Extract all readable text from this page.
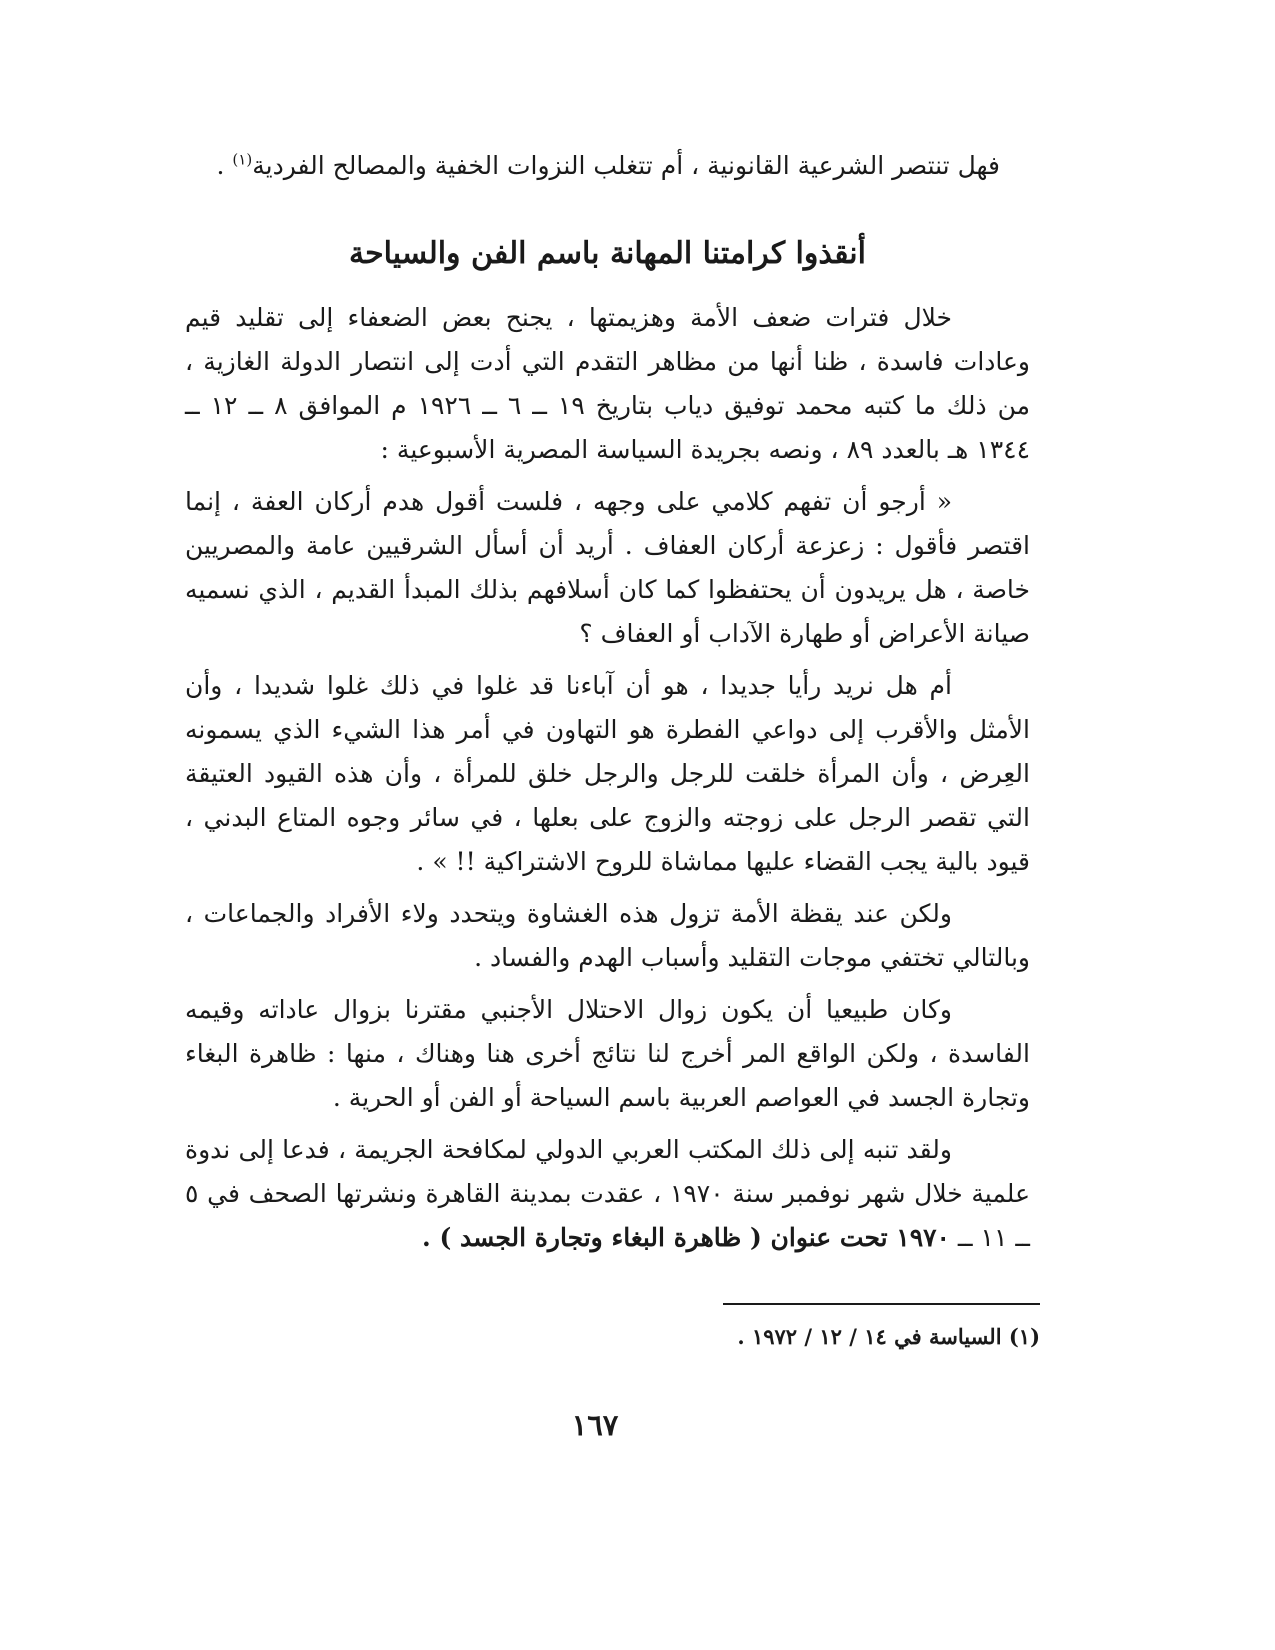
فهل تنتصر الشرعية القانونية ، أم تتغلب النزوات الخفية والمصالح الفردية$^{(١)}$ .

أنقذوا كرامتنا المهانة باسم الفن والسياحة

خلال فترات ضعف الأمة وهزيمتها ، يجنح بعض الضعفاء إلى تقليد قيم وعادات فاسدة ، ظنا أنها من مظاهر التقدم التي أدت إلى انتصار الدولة الغازية ، من ذلك ما كتبه محمد توفيق دياب بتاريخ ١٩ ــ ٦ ــ ١٩٢٦ م الموافق ٨ ــ ١٢ ــ ١٣٤٤ هـ بالعدد ٨٩ ، ونصه بجريدة السياسة المصرية الأسبوعية :

« أرجو أن تفهم كلامي على وجهه ، فلست أقول هدم أركان العفة ، إنما اقتصر فأقول : زعزعة أركان العفاف . أريد أن أسأل الشرقيين عامة والمصريين خاصة ، هل يريدون أن يحتفظوا كما كان أسلافهم بذلك المبدأ القديم ، الذي نسميه صيانة الأعراض أو طهارة الآداب أو العفاف ؟

أم هل نريد رأيا جديدا ، هو أن آباءنا قد غلوا في ذلك غلوا شديدا ، وأن الأمثل والأقرب إلى دواعي الفطرة هو التهاون في أمر هذا الشيء الذي يسمونه العِرض ، وأن المرأة خلقت للرجل والرجل خلق للمرأة ، وأن هذه القيود العتيقة التي تقصر الرجل على زوجته والزوج على بعلها ، في سائر وجوه المتاع البدني ، قيود بالية يجب القضاء عليها مماشاة للروح الاشتراكية !! » .

ولكن عند يقظة الأمة تزول هذه الغشاوة ويتحدد ولاء الأفراد والجماعات ، وبالتالي تختفي موجات التقليد وأسباب الهدم والفساد .

وكان طبيعيا أن يكون زوال الاحتلال الأجنبي مقترنا بزوال عاداته وقيمه الفاسدة ، ولكن الواقع المر أخرج لنا نتائج أخرى هنا وهناك ، منها : ظاهرة البغاء وتجارة الجسد في العواصم العربية باسم السياحة أو الفن أو الحرية .

ولقد تنبه إلى ذلك المكتب العربي الدولي لمكافحة الجريمة ، فدعا إلى ندوة علمية خلال شهر نوفمبر سنة ١٩٧٠ ، عقدت بمدينة القاهرة ونشرتها الصحف في ٥ ــ ١١ ــ ١٩٧٠ تحت عنوان ( ظاهرة البغاء وتجارة الجسد ) .

(١) السياسة في ١٤ / ١٢ / ١٩٧٢ .

١٦٧
